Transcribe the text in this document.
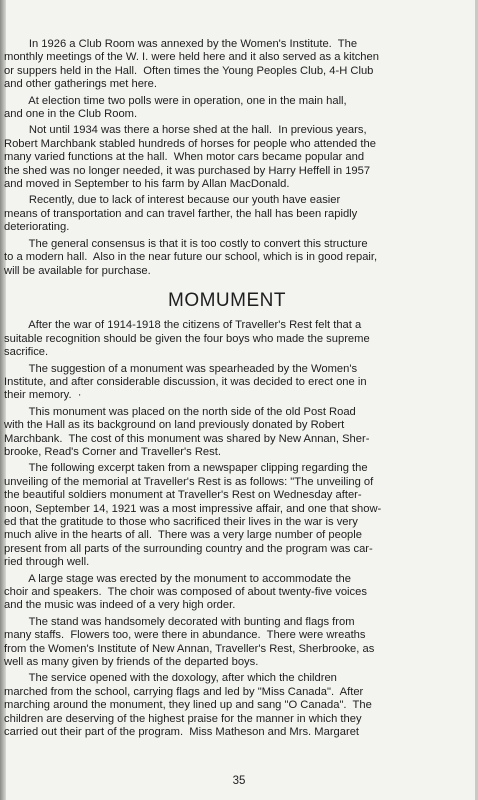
In 1926 a Club Room was annexed by the Women's Institute.  The
monthly meetings of the W. I. were held here and it also served as a kitchen
or suppers held in the Hall.  Often times the Young Peoples Club, 4-H Club
and other gatherings met here.
At election time two polls were in operation, one in the main hall,
and one in the Club Room.
Not until 1934 was there a horse shed at the hall.  In previous years,
Robert Marchbank stabled hundreds of horses for people who attended the
many varied functions at the hall.  When motor cars became popular and
the shed was no longer needed, it was purchased by Harry Heffell in 1957
and moved in September to his farm by Allan MacDonald.
Recently, due to lack of interest because our youth have easier
means of transportation and can travel farther, the hall has been rapidly
deteriorating.
The general consensus is that it is too costly to convert this structure
to a modern hall.  Also in the near future our school, which is in good repair,
will be available for purchase.
MOMUMENT
After the war of 1914-1918 the citizens of Traveller's Rest felt that a
suitable recognition should be given the four boys who made the supreme
sacrifice.
The suggestion of a monument was spearheaded by the Women's
Institute, and after considerable discussion, it was decided to erect one in
their memory.  ·
This monument was placed on the north side of the old Post Road
with the Hall as its background on land previously donated by Robert
Marchbank.  The cost of this monument was shared by New Annan, Sher-
brooke, Read's Corner and Traveller's Rest.
The following excerpt taken from a newspaper clipping regarding the
unveiling of the memorial at Traveller's Rest is as follows: "The unveiling of
the beautiful soldiers monument at Traveller's Rest on Wednesday after-
noon, September 14, 1921 was a most impressive affair, and one that show-
ed that the gratitude to those who sacrificed their lives in the war is very
much alive in the hearts of all.  There was a very large number of people
present from all parts of the surrounding country and the program was car-
ried through well.
A large stage was erected by the monument to accommodate the
choir and speakers.  The choir was composed of about twenty-five voices
and the music was indeed of a very high order.
The stand was handsomely decorated with bunting and flags from
many staffs.  Flowers too, were there in abundance.  There were wreaths
from the Women's Institute of New Annan, Traveller's Rest, Sherbrooke, as
well as many given by friends of the departed boys.
The service opened with the doxology, after which the children
marched from the school, carrying flags and led by "Miss Canada".  After
marching around the monument, they lined up and sang "O Canada".  The
children are deserving of the highest praise for the manner in which they
carried out their part of the program.  Miss Matheson and Mrs. Margaret
35
